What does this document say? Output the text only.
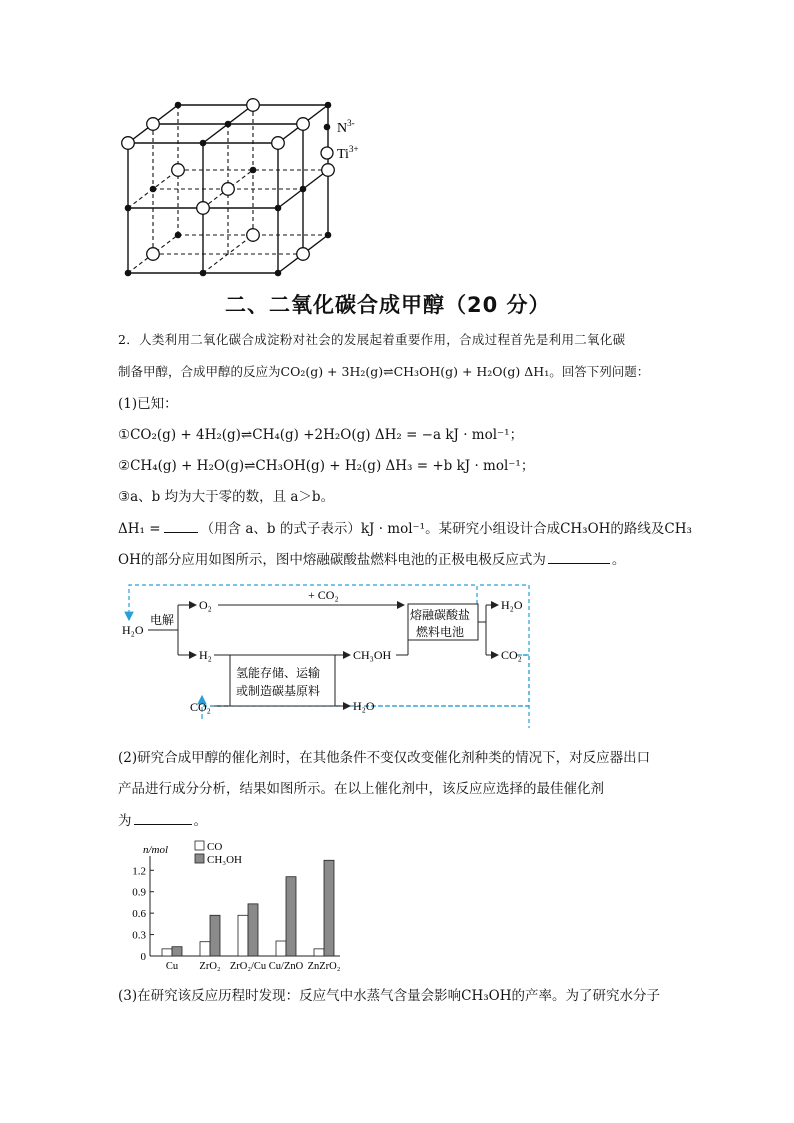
$N^{3-}$
$Ti^{3+}$
二、二氧化碳合成甲醇（20 分）
2．人类利用二氧化碳合成淀粉对社会的发展起着重要作用，合成过程首先是利用二氧化碳
制备甲醇，合成甲醇的反应为CO₂(g) + 3H₂(g)⇌CH₃OH(g) + H₂O(g) ΔH₁。回答下列问题：
(1)已知：
①CO₂(g) + 4H₂(g)⇌CH₄(g) +2H₂O(g) ΔH₂ = −a kJ · mol⁻¹；
②CH₄(g) + H₂O(g)⇌CH₃OH(g) + H₂(g) ΔH₃ = +b kJ · mol⁻¹；
③a、b 均为大于零的数，且 a＞b。
ΔH₁ =	（用含 a、b 的式子表示）kJ · mol⁻¹。某研究小组设计合成CH₃OH的路线及CH₃
OH的部分应用如图所示，图中熔融碳酸盐燃料电池的正极电极反应式为	。
H₂O
电解
O₂
H₂
+ CO₂
CO₂
氢能存储、运输
或制造碳基原料
CH₃OH
H₂O
熔融碳酸盐
燃料电池
H₂O
CO₂
(2)研究合成甲醇的催化剂时，在其他条件不变仅改变催化剂种类的情况下，对反应器出口
产品进行成分分析，结果如图所示。在以上催化剂中，该反应应选择的最佳催化剂
为	。
n/mol
0
0.3
0.6
0.9
1.2
Cu ZrO₂ ZrO₂/Cu Cu/ZnO ZnZrO₂
CO
CH₃OH
(3)在研究该反应历程时发现：反应气中水蒸气含量会影响CH₃OH的产率。为了研究水分子
